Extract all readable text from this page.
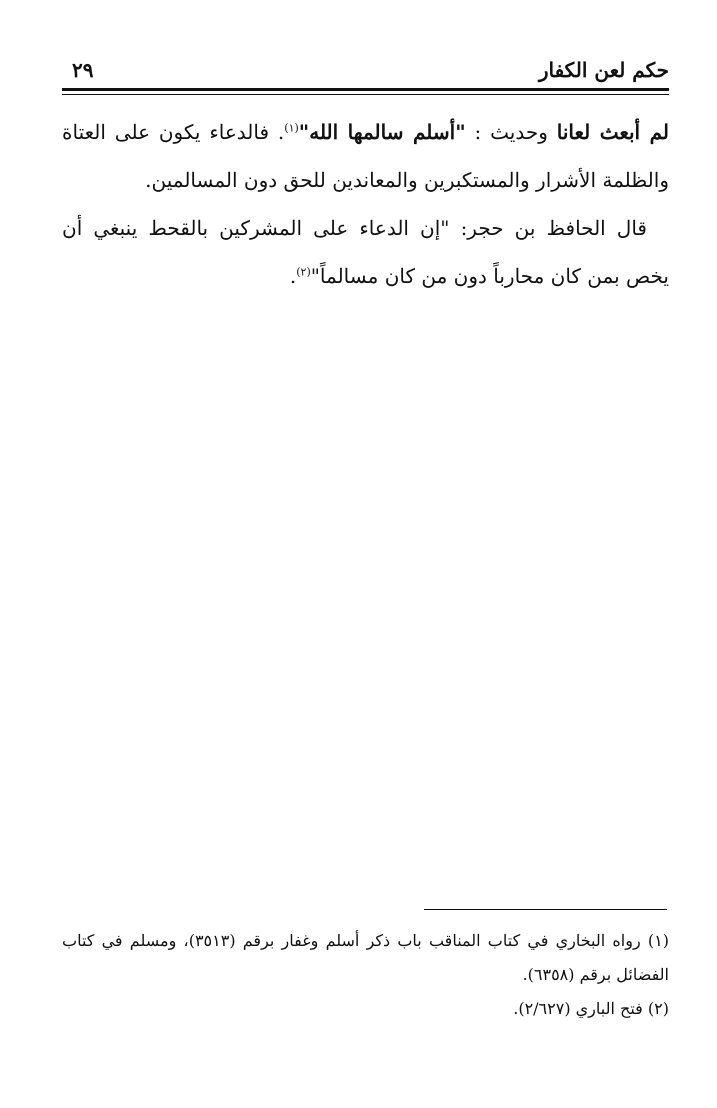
حكم لعن الكفار
٢٩

لم أبعث لعانا وحديث : "أسلم سالمها الله"$^{(١)}$. فالدعاء يكون على العتاة والظلمة الأشرار والمستكبرين والمعاندين للحق دون المسالمين.

قال الحافظ بن حجر: "إن الدعاء على المشركين بالقحط ينبغي أن يخص بمن كان محارباً دون من كان مسالماً"$^{(٢)}$.

(١) رواه البخاري في كتاب المناقب باب ذكر أسلم وغفار برقم (٣٥١٣)، ومسلم في كتاب الفضائل برقم (٦٣٥٨).

(٢) فتح الباري (٢/٦٢٧).
